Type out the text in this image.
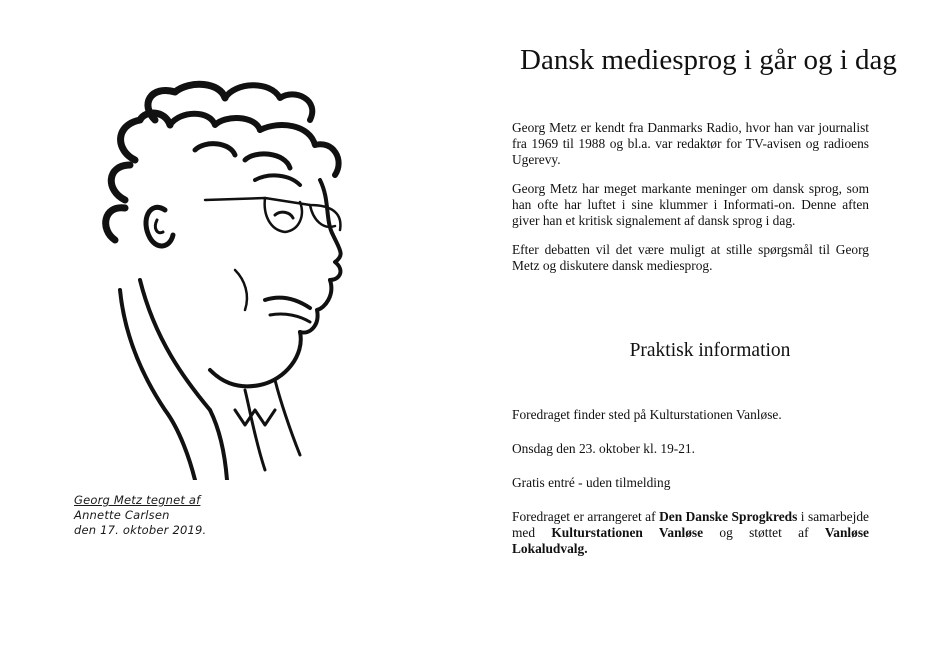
Georg Metz tegnet af
Annette Carlsen
den 17. oktober 2019.
Dansk mediesprog i går og i dag

Georg Metz er kendt fra Danmarks Radio, hvor han var journalist fra 1969 til 1988 og bl.a. var redaktør for TV-avisen og radioens Ugerevy.

Georg Metz har meget markante meninger om dansk sprog, som han ofte har luftet i sine klummer i Informati-on. Denne aften giver han et kritisk signalement af dansk sprog i dag.

Efter debatten vil det være muligt at stille spørgsmål til Georg Metz og diskutere dansk mediesprog.

Praktisk information

Foredraget finder sted på Kulturstationen Vanløse.

Onsdag den 23. oktober kl. 19-21.

Gratis entré - uden tilmelding

Foredraget er arrangeret af Den Danske Sprogkreds i samarbejde med Kulturstationen Vanløse og støttet af Vanløse Lokaludvalg.
